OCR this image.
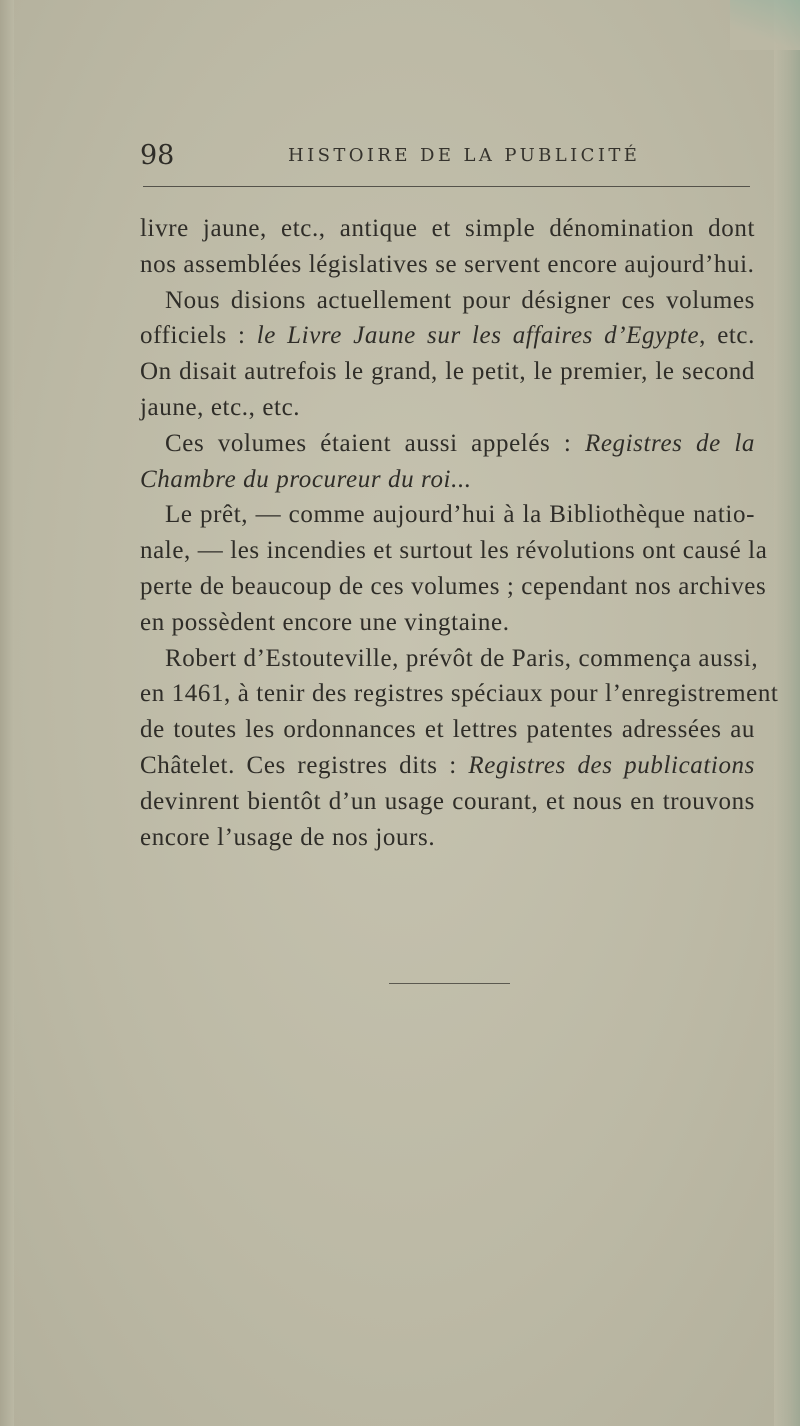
98	HISTOIRE DE LA PUBLICITÉ
livre jaune, etc., antique et simple dénomination dont
nos assemblées législatives se servent encore aujourd’hui.
Nous disions actuellement pour désigner ces volumes
officiels : le Livre Jaune sur les affaires d’Egypte, etc.
On disait autrefois le grand, le petit, le premier, le second
jaune, etc., etc.
Ces volumes étaient aussi appelés : Registres de la
Chambre du procureur du roi...
Le prêt, — comme aujourd’hui à la Bibliothèque natio-
nale, — les incendies et surtout les révolutions ont causé la
perte de beaucoup de ces volumes ; cependant nos archives
en possèdent encore une vingtaine.
Robert d’Estouteville, prévôt de Paris, commença aussi,
en 1461, à tenir des registres spéciaux pour l’enregistrement
de toutes les ordonnances et lettres patentes adressées au
Châtelet. Ces registres dits : Registres des publications
devinrent bientôt d’un usage courant, et nous en trouvons
encore l’usage de nos jours.
